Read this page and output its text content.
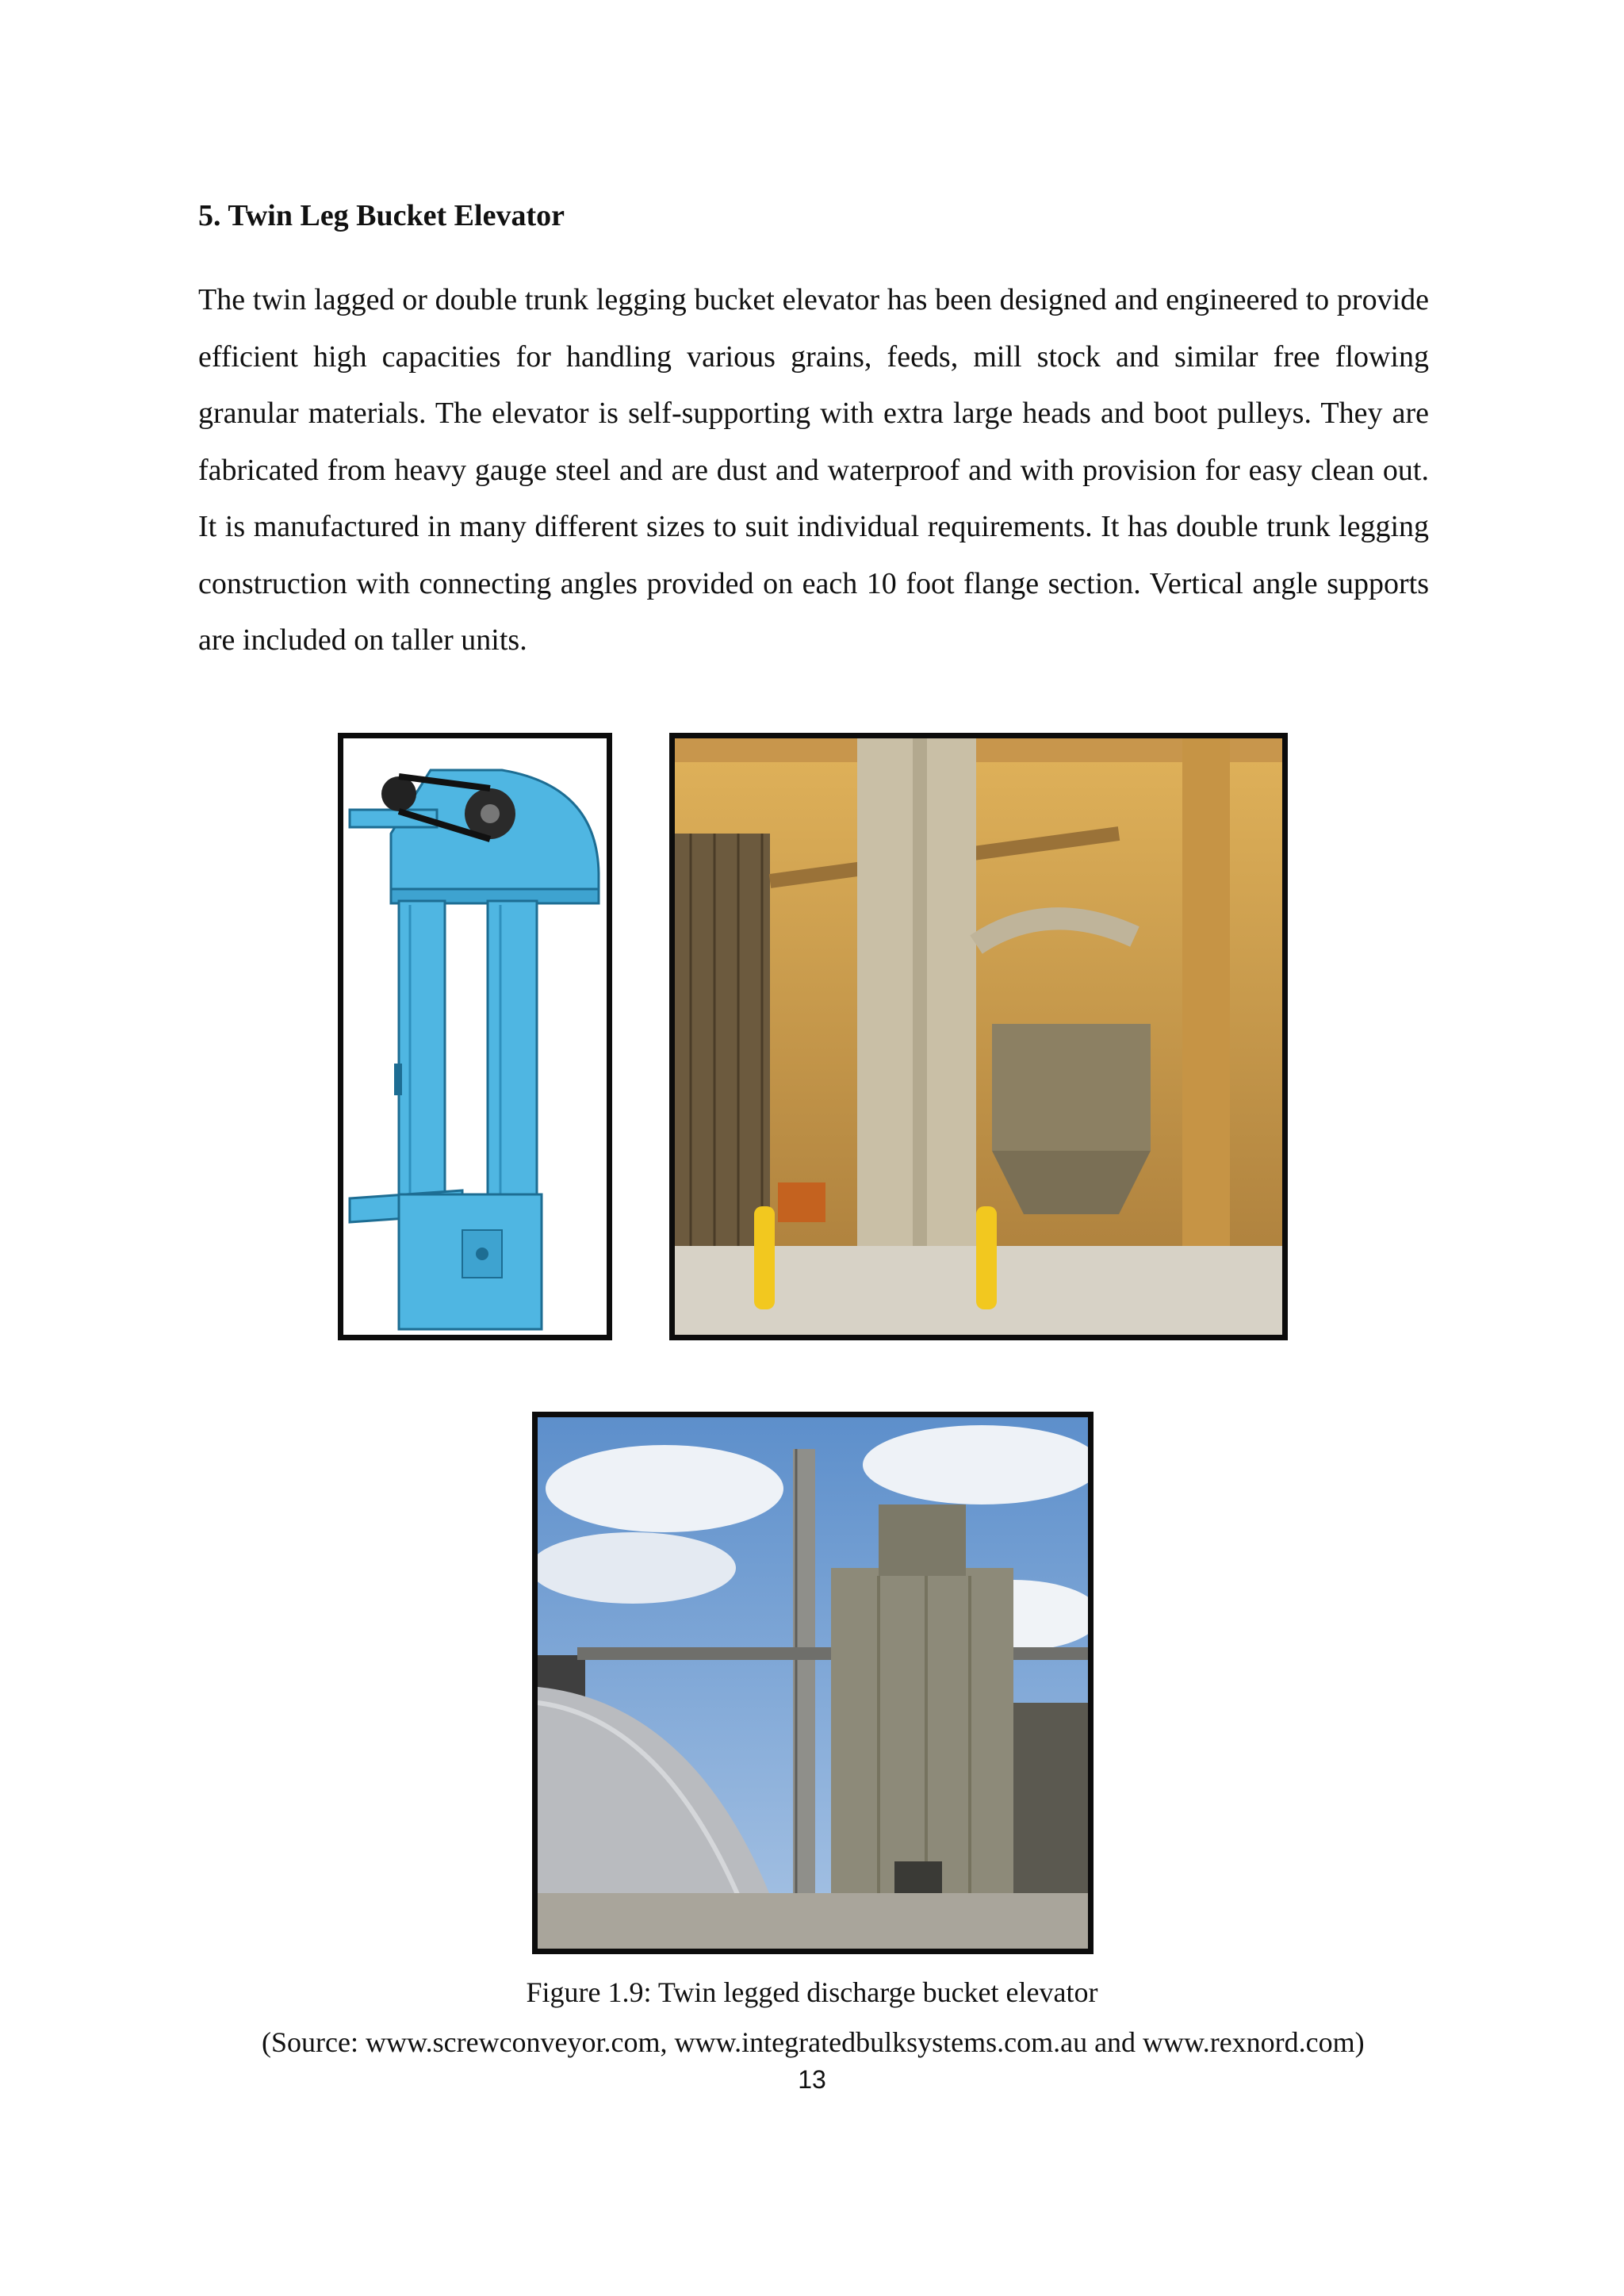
5. Twin Leg Bucket Elevator

The twin lagged or double trunk legging bucket elevator has been designed and engineered to provide efficient high capacities for handling various grains, feeds, mill stock and similar free flowing granular materials. The elevator is self-supporting with extra large heads and boot pulleys. They are fabricated from heavy gauge steel and are dust and waterproof and with provision for easy clean out. It is manufactured in many different sizes to suit individual requirements. It has double trunk legging construction with connecting angles provided on each 10 foot flange section. Vertical angle supports are included on taller units.

Figure 1.9: Twin legged discharge bucket elevator
(Source: www.screwconveyor.com, www.integratedbulksystems.com.au and www.rexnord.com)
13
